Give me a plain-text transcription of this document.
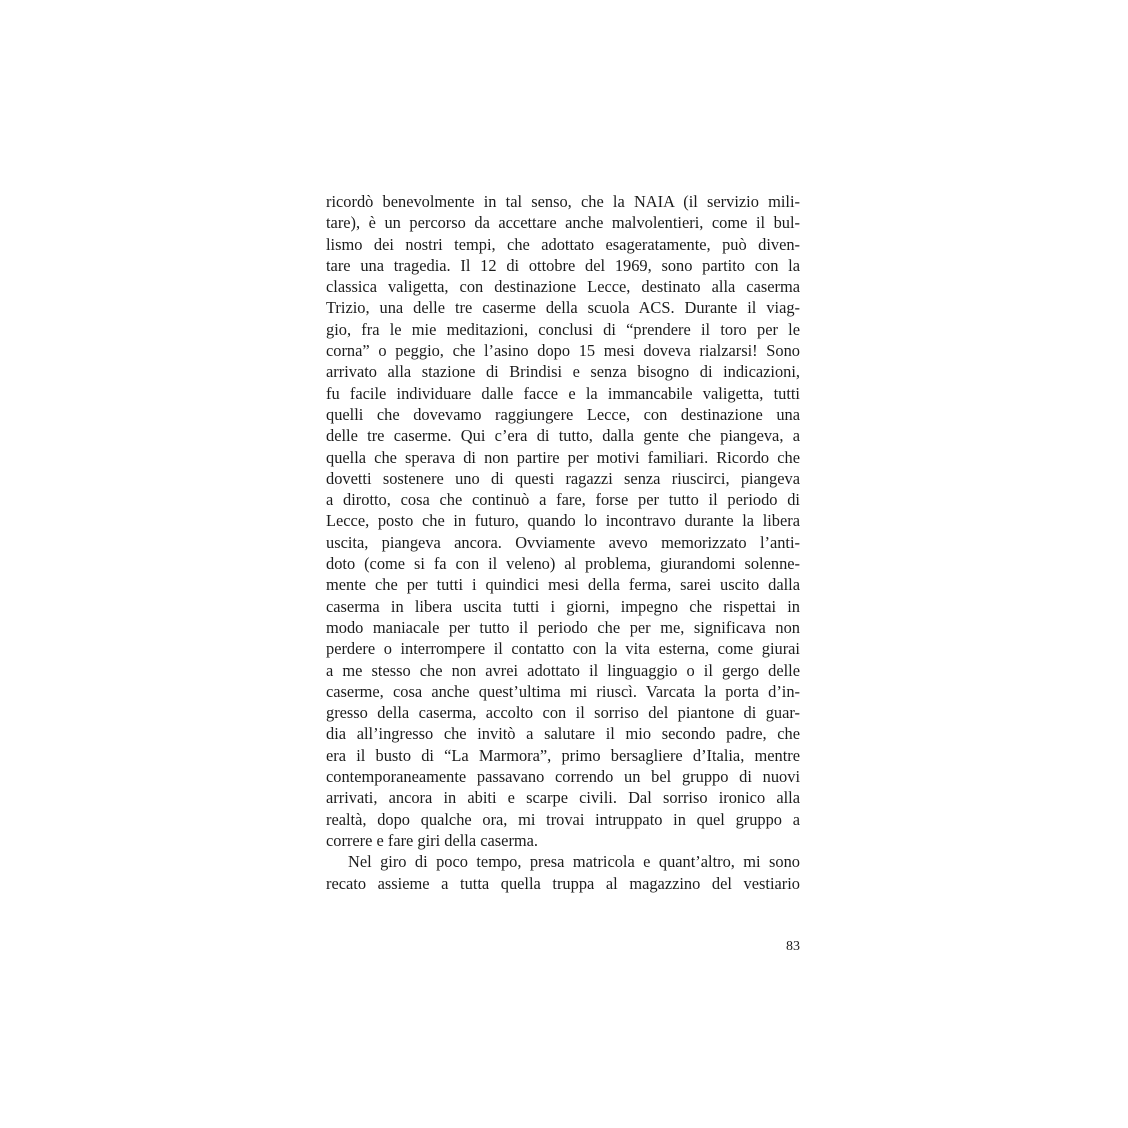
ricordò benevolmente in tal senso, che la NAIA (il servizio mili-
tare), è un percorso da accettare anche malvolentieri, come il bul-
lismo dei nostri tempi, che adottato esageratamente, può diven-
tare una tragedia. Il 12 di ottobre del 1969, sono partito con la
classica valigetta, con destinazione Lecce, destinato alla caserma
Trizio, una delle tre caserme della scuola ACS. Durante il viag-
gio, fra le mie meditazioni, conclusi di “prendere il toro per le
corna” o peggio, che l’asino dopo 15 mesi doveva rialzarsi! Sono
arrivato alla stazione di Brindisi e senza bisogno di indicazioni,
fu facile individuare dalle facce e la immancabile valigetta, tutti
quelli che dovevamo raggiungere Lecce, con destinazione una
delle tre caserme. Qui c’era di tutto, dalla gente che piangeva, a
quella che sperava di non partire per motivi familiari. Ricordo che
dovetti sostenere uno di questi ragazzi senza riuscirci, piangeva
a dirotto, cosa che continuò a fare, forse per tutto il periodo di
Lecce, posto che in futuro, quando lo incontravo durante la libera
uscita, piangeva ancora. Ovviamente avevo memorizzato l’anti-
doto (come si fa con il veleno) al problema, giurandomi solenne-
mente che per tutti i quindici mesi della ferma, sarei uscito dalla
caserma in libera uscita tutti i giorni, impegno che rispettai in
modo maniacale per tutto il periodo che per me, significava non
perdere o interrompere il contatto con la vita esterna, come giurai
a me stesso che non avrei adottato il linguaggio o il gergo delle
caserme, cosa anche quest’ultima mi riuscì. Varcata la porta d’in-
gresso della caserma, accolto con il sorriso del piantone di guar-
dia all’ingresso che invitò a salutare il mio secondo padre, che
era il busto di “La Marmora”, primo bersagliere d’Italia, mentre
contemporaneamente passavano correndo un bel gruppo di nuovi
arrivati, ancora in abiti e scarpe civili. Dal sorriso ironico alla
realtà, dopo qualche ora, mi trovai intruppato in quel gruppo a
correre e fare giri della caserma.
Nel giro di poco tempo, presa matricola e quant’altro, mi sono
recato assieme a tutta quella truppa al magazzino del vestiario
83
